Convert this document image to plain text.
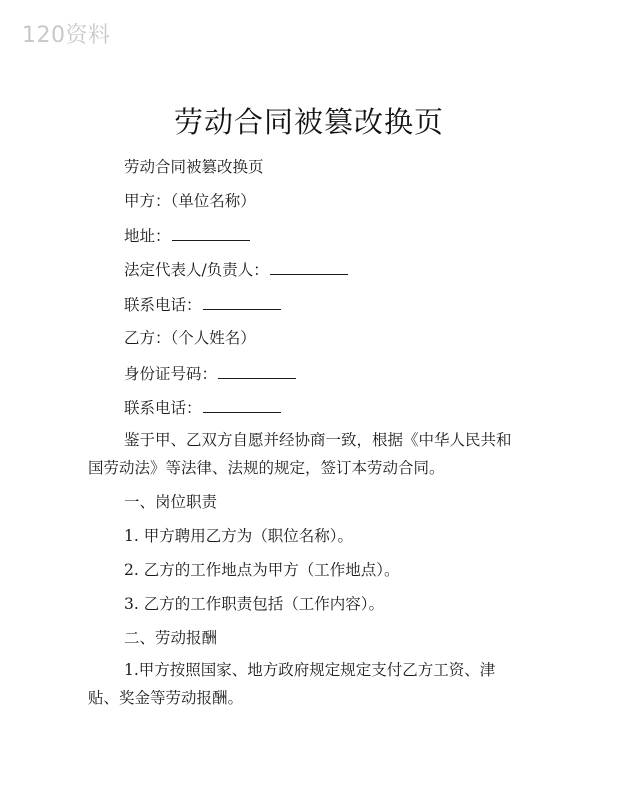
120资料
劳动合同被篡改换页
劳动合同被篡改换页
甲方：（单位名称）
地址：
法定代表人/负责人：
联系电话：
乙方：（个人姓名）
身份证号码：
联系电话：
鉴于甲、乙双方自愿并经协商一致，根据《中华人民共和
国劳动法》等法律、法规的规定，签订本劳动合同。
一、岗位职责
1. 甲方聘用乙方为（职位名称）。
2. 乙方的工作地点为甲方（工作地点）。
3. 乙方的工作职责包括（工作内容）。
二、劳动报酬
1.甲方按照国家、地方政府规定规定支付乙方工资、津
贴、奖金等劳动报酬。
